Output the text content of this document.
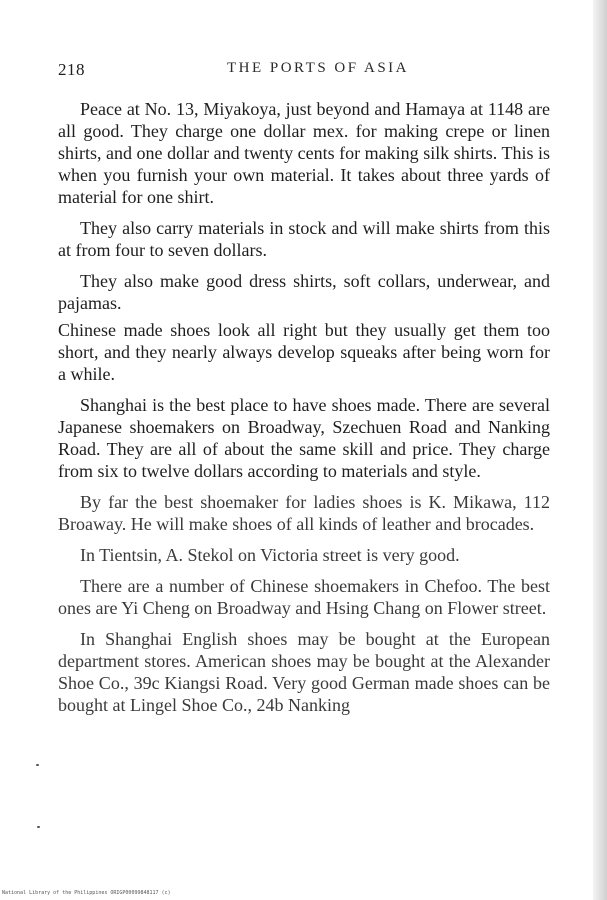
218	THE PORTS OF ASIA

Peace at No. 13, Miyakoya, just beyond and Hamaya at 1148 are all good. They charge one dollar mex. for making crepe or linen shirts, and one dollar and twenty cents for making silk shirts. This is when you furnish your own material. It takes about three yards of material for one shirt.

They also carry materials in stock and will make shirts from this at from four to seven dollars.

They also make good dress shirts, soft collars, underwear, and pajamas.

Chinese made shoes look all right but they usually get them too short, and they nearly always develop squeaks after being worn for a while.

Shanghai is the best place to have shoes made. There are several Japanese shoemakers on Broadway, Szechuen Road and Nanking Road. They are all of about the same skill and price. They charge from six to twelve dollars according to materials and style.

By far the best shoemaker for ladies shoes is K. Mikawa, 112 Broaway. He will make shoes of all kinds of leather and brocades.

In Tientsin, A. Stekol on Victoria street is very good.

There are a number of Chinese shoemakers in Chefoo. The best ones are Yi Cheng on Broadway and Hsing Chang on Flower street.

In Shanghai English shoes may be bought at the European department stores. American shoes may be bought at the Alexander Shoe Co., 39c Kiangsi Road. Very good German made shoes can be bought at Lingel Shoe Co., 24b Nanking

National Library of the Philippines ORIGP00099848117 (c)
